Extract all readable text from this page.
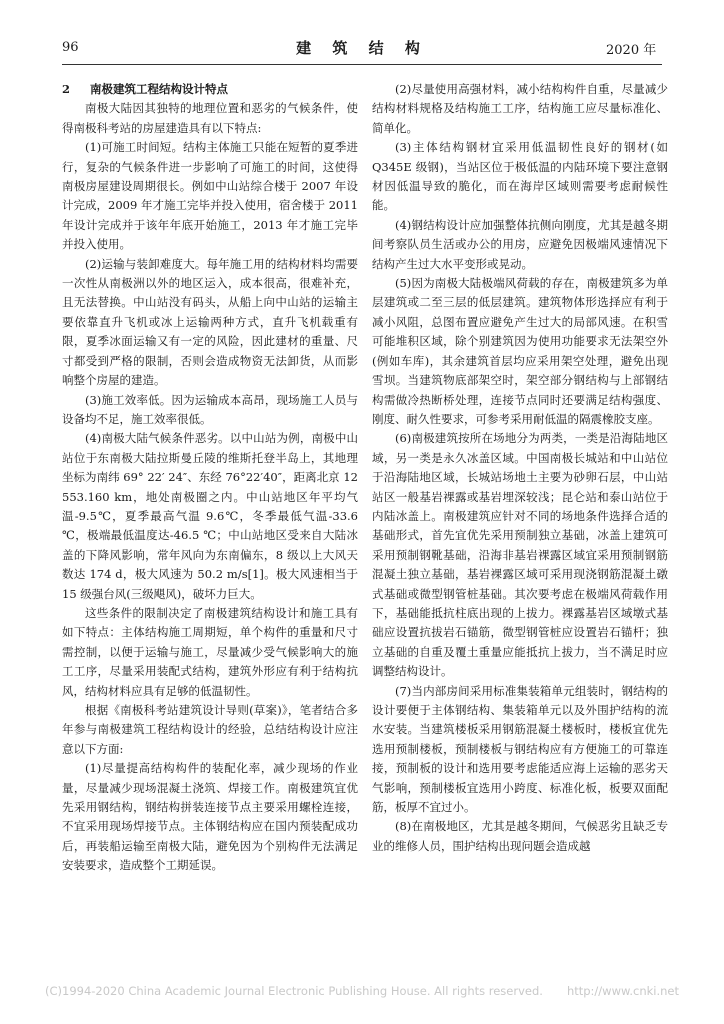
96	建 筑 结 构	2020 年
2 南极建筑工程结构设计特点

南极大陆因其独特的地理位置和恶劣的气候条件，使得南极科考站的房屋建造具有以下特点:

(1)可施工时间短。结构主体施工只能在短暂的夏季进行，复杂的气候条件进一步影响了可施工的时间，这使得南极房屋建设周期很长。例如中山站综合楼于 2007 年设计完成，2009 年才施工完毕并投入使用，宿舍楼于 2011 年设计完成并于该年年底开始施工，2013 年才施工完毕并投入使用。

(2)运输与装卸难度大。每年施工用的结构材料均需要一次性从南极洲以外的地区运入，成本很高，很难补充，且无法替换。中山站没有码头，从船上向中山站的运输主要依靠直升飞机或冰上运输两种方式，直升飞机载重有限，夏季冰面运输又有一定的风险，因此建材的重量、尺寸都受到严格的限制，否则会造成物资无法卸货，从而影响整个房屋的建造。

(3)施工效率低。因为运输成本高昂，现场施工人员与设备均不足，施工效率很低。

(4)南极大陆气候条件恶劣。以中山站为例，南极中山站位于东南极大陆拉斯曼丘陵的维斯托登半岛上，其地理坐标为南纬 69° 22′ 24″、东经 76°22′40″，距离北京 12 553.160 km，地处南极圈之内。中山站地区年平均气温-9.5℃，夏季最高气温 9.6℃，冬季最低气温-33.6 ℃，极端最低温度达-46.5 ℃；中山站地区受来自大陆冰盖的下降风影响，常年风向为东南偏东，8 级以上大风天数达 174 d，极大风速为 50.2 m/s[1]。极大风速相当于 15 级强台风(三级飓风)，破坏力巨大。

这些条件的限制决定了南极建筑结构设计和施工具有如下特点：主体结构施工周期短，单个构件的重量和尺寸需控制，以便于运输与施工，尽量减少受气候影响大的施工工序，尽量采用装配式结构，建筑外形应有利于结构抗风，结构材料应具有足够的低温韧性。

根据《南极科考站建筑设计导则(草案)》，笔者结合多年参与南极建筑工程结构设计的经验，总结结构设计应注意以下方面:

(1)尽量提高结构构件的装配化率，减少现场的作业量，尽量减少现场混凝土浇筑、焊接工作。南极建筑宜优先采用钢结构，钢结构拼装连接节点主要采用螺栓连接，不宜采用现场焊接节点。主体钢结构应在国内预装配成功后，再装船运输至南极大陆，避免因为个别构件无法满足安装要求，造成整个工期延误。

(2)尽量使用高强材料，减小结构构件自重，尽量减少结构材料规格及结构施工工序，结构施工应尽量标准化、简单化。

(3)主体结构钢材宜采用低温韧性良好的钢材(如 Q345E 级钢)，当站区位于极低温的内陆环境下要注意钢材因低温导致的脆化，而在海岸区域则需要考虑耐候性能。

(4)钢结构设计应加强整体抗侧向刚度，尤其是越冬期间考察队员生活或办公的用房，应避免因极端风速情况下结构产生过大水平变形或晃动。

(5)因为南极大陆极端风荷载的存在，南极建筑多为单层建筑或二至三层的低层建筑。建筑物体形选择应有利于减小风阻，总图布置应避免产生过大的局部风速。在积雪可能堆积区域，除个别建筑因为使用功能要求无法架空外(例如车库)，其余建筑首层均应采用架空处理，避免出现雪坝。当建筑物底部架空时，架空部分钢结构与上部钢结构需做冷热断桥处理，连接节点同时还要满足结构强度、刚度、耐久性要求，可参考采用耐低温的隔震橡胶支座。

(6)南极建筑按所在场地分为两类，一类是沿海陆地区域，另一类是永久冰盖区域。中国南极长城站和中山站位于沿海陆地区域，长城站场地土主要为砂卵石层，中山站站区一般基岩裸露或基岩埋深较浅；昆仑站和泰山站位于内陆冰盖上。南极建筑应针对不同的场地条件选择合适的基础形式，首先宜优先采用预制独立基础，冰盖上建筑可采用预制钢靴基础，沿海非基岩裸露区域宜采用预制钢筋混凝土独立基础，基岩裸露区域可采用现浇钢筋混凝土礅式基础或微型钢管桩基础。其次要考虑在极端风荷载作用下，基础能抵抗柱底出现的上拔力。裸露基岩区域墩式基础应设置抗拔岩石锚筋，微型钢管桩应设置岩石锚杆；独立基础的自重及覆土重量应能抵抗上拔力，当不满足时应调整结构设计。

(7)当内部房间采用标准集装箱单元组装时，钢结构的设计要便于主体钢结构、集装箱单元以及外围护结构的流水安装。当建筑楼板采用钢筋混凝土楼板时，楼板宜优先选用预制楼板，预制楼板与钢结构应有方便施工的可靠连接，预制板的设计和选用要考虑能适应海上运输的恶劣天气影响，预制楼板宜选用小跨度、标准化板，板要双面配筋，板厚不宜过小。

(8)在南极地区，尤其是越冬期间，气候恶劣且缺乏专业的维修人员，围护结构出现问题会造成越

(C)1994-2020 China Academic Journal Electronic Publishing House. All rights reserved. http://www.cnki.net
